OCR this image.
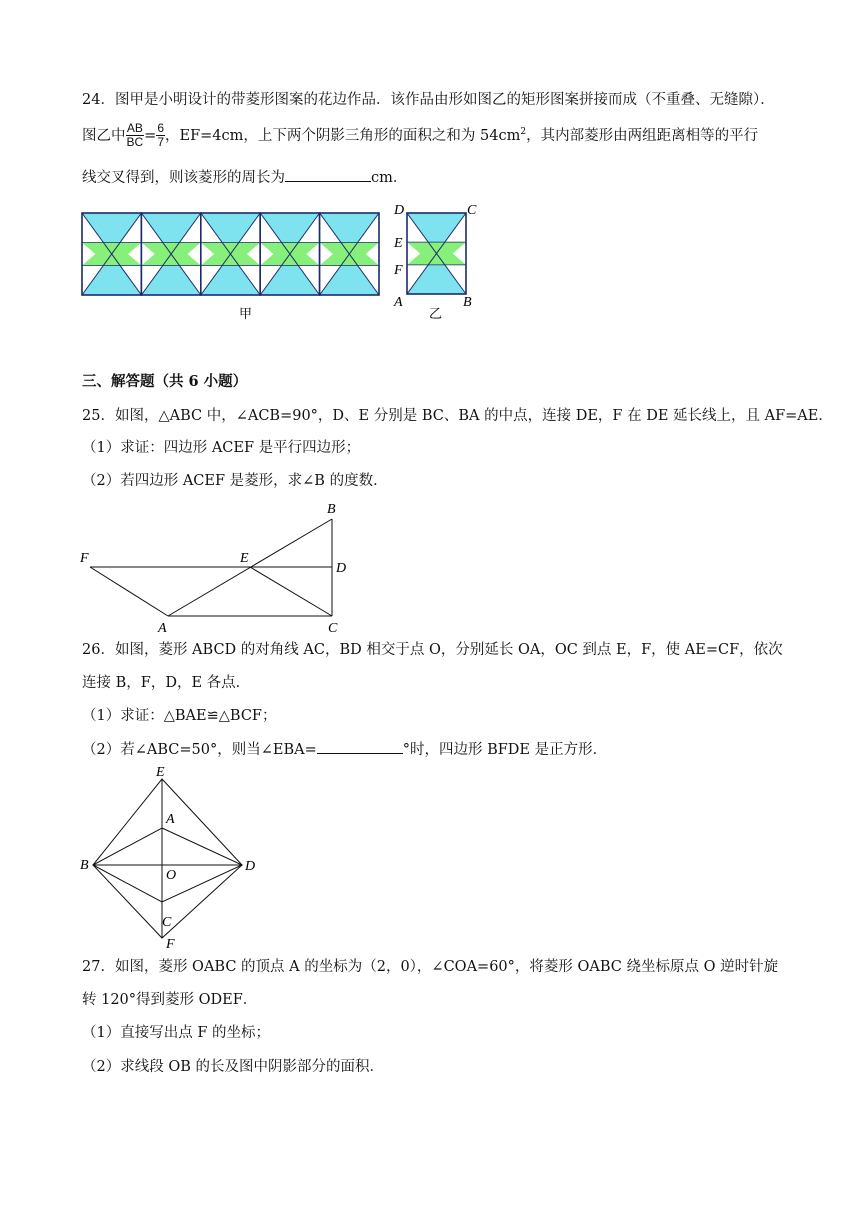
24．图甲是小明设计的带菱形图案的花边作品．该作品由形如图乙的矩形图案拼接而成（不重叠、无缝隙）．
图乙中 $\frac{AB}{BC} = \frac{6}{7}$ ，EF=4cm，上下两个阴影三角形的面积之和为 $54cm^2$，其内部菱形由两组距离相等的平行
线交叉得到，则该菱形的周长为	cm．
甲
D	C
E
F
A	B
乙
三、解答题（共 6 小题）
25．如图，△ABC 中，∠ACB=90°，D、E 分别是 BC、BA 的中点，连接 DE，F 在 DE 延长线上，且 AF=AE．
（1）求证：四边形 ACEF 是平行四边形；
（2）若四边形 ACEF 是菱形，求∠B 的度数．
F	E
D
B
A	C
26．如图，菱形 ABCD 的对角线 AC，BD 相交于点 O，分别延长 OA，OC 到点 E，F，使 AE=CF，依次
连接 B，F，D，E 各点．
（1）求证：△BAE≌△BCF；
（2）若∠ABC=50°，则当∠EBA=	°时，四边形 BFDE 是正方形．
E
A
B
O
D
C
F
27．如图，菱形 OABC 的顶点 A 的坐标为（2，0），∠COA=60°，将菱形 OABC 绕坐标原点 O 逆时针旋
转 120°得到菱形 ODEF．
（1）直接写出点 F 的坐标；
（2）求线段 OB 的长及图中阴影部分的面积．
